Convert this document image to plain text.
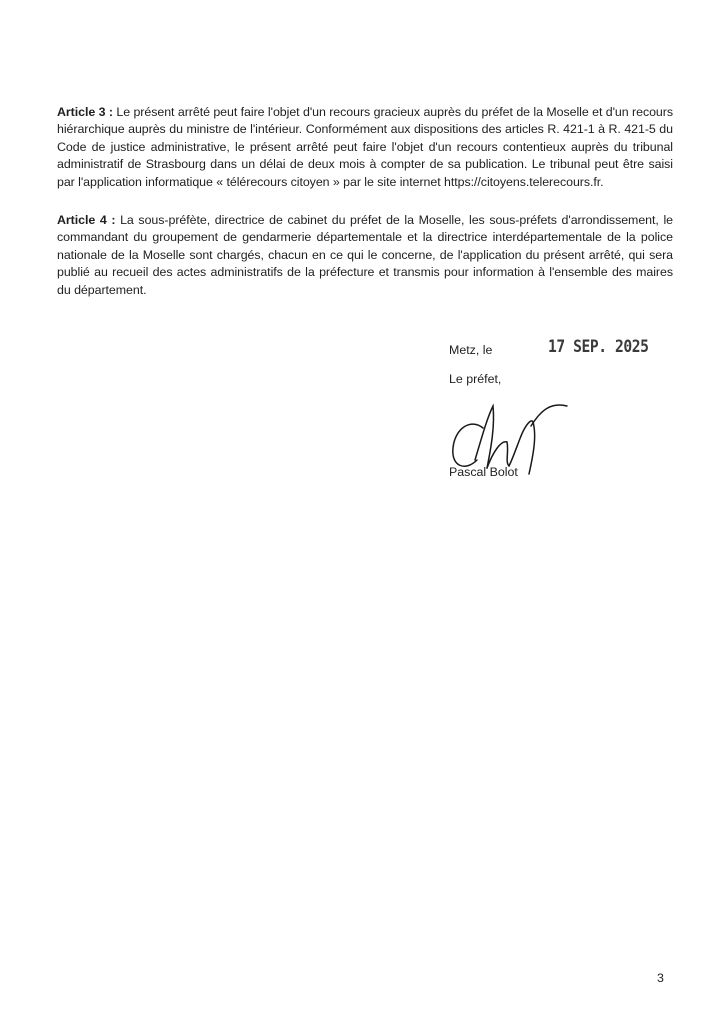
Article 3 : Le présent arrêté peut faire l'objet d'un recours gracieux auprès du préfet de la Moselle et d'un recours hiérarchique auprès du ministre de l'intérieur. Conformément aux dispositions des articles R. 421-1 à R. 421-5 du Code de justice administrative, le présent arrêté peut faire l'objet d'un recours contentieux auprès du tribunal administratif de Strasbourg dans un délai de deux mois à compter de sa publication. Le tribunal peut être saisi par l'application informatique « télérecours citoyen » par le site internet https://citoyens.telerecours.fr.

Article 4 : La sous-préfète, directrice de cabinet du préfet de la Moselle, les sous-préfets d'arrondissement, le commandant du groupement de gendarmerie départementale et la directrice interdépartementale de la police nationale de la Moselle sont chargés, chacun en ce qui le concerne, de l'application du présent arrêté, qui sera publié au recueil des actes administratifs de la préfecture et transmis pour information à l'ensemble des maires du département.

Metz, le	17 SEP. 2025
Le préfet,
Pascal Bolot
3
